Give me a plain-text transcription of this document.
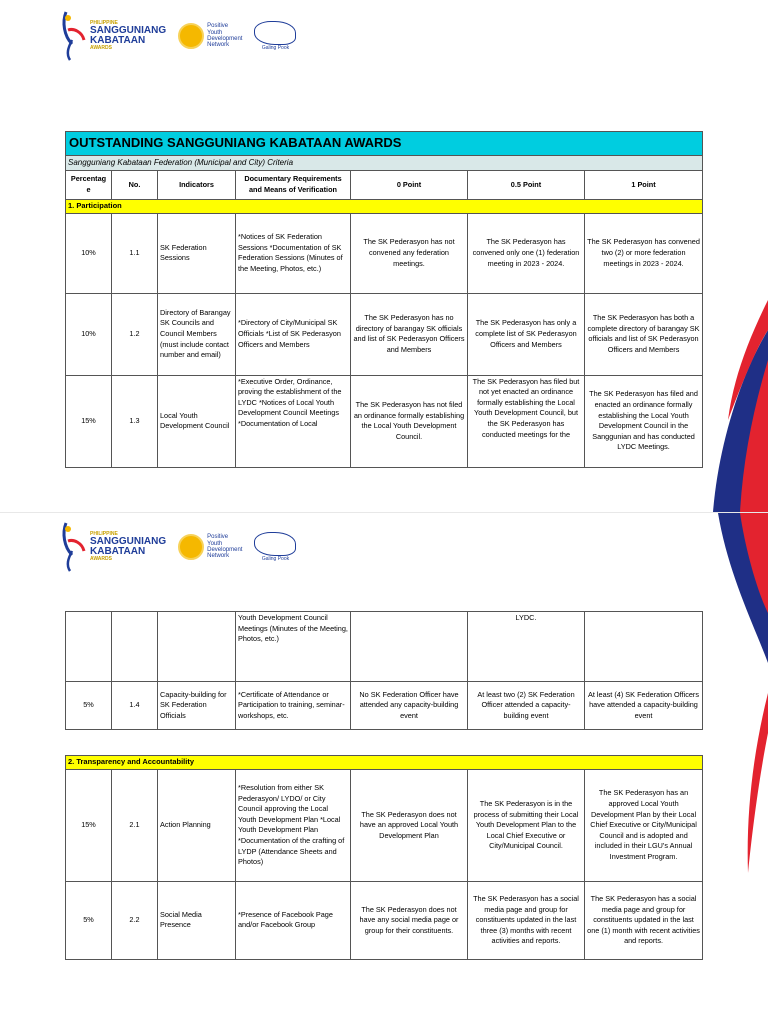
PHILIPPINE
SANGGUNIANG
KABATAAN
AWARDS
Positive
Youth
Development
Network	Galing Pook
OUTSTANDING SANGGUNIANG KABATAAN AWARDS						
Sangguniang Kabataan Federation (Municipal and City) Criteria						
Percentag e	No.	Indicators	Documentary Requirements and Means of Verification	0 Point	0.5 Point	1 Point
1. Participation						
10%	1.1	SK Federation Sessions	*Notices of SK Federation Sessions *Documentation of SK Federation Sessions (Minutes of the Meeting, Photos, etc.)	The SK Pederasyon has not convened any federation meetings.	The SK Pederasyon has convened only one (1) federation meeting in 2023 - 2024.	The SK Pederasyon has convened two (2) or more federation meetings in 2023 - 2024.
10%	1.2	Directory of Barangay SK Councils and Council Members (must include contact number and email)	*Directory of City/Municipal SK Officials *List of SK Pederasyon Officers and Members	The SK Pederasyon has no directory of barangay SK officials and list of SK Pederasyon Officers and Members	The SK Pederasyon has only a complete list of SK Pederasyon Officers and Members	The SK Pederasyon has both a complete directory of barangay SK officials and list of SK Pederasyon Officers and Members
15%	1.3	Local Youth Development Council	*Executive Order, Ordinance, proving the establishment of the LYDC *Notices of Local Youth Development Council Meetings *Documentation of Local	The SK Pederasyon has not filed an ordinance formally establishing the Local Youth Development Council.	The SK Pederasyon has filed but not yet enacted an ordinance formally establishing the Local Youth Development Council, but the SK Pederasyon has conducted meetings for the	The SK Pederasyon has filed and enacted an ordinance formally establishing the Local Youth Development Council in the Sanggunian and has conducted LYDC Meetings.
PHILIPPINE
SANGGUNIANG
KABATAAN
AWARDS
Positive
Youth
Development
Network	Galing Pook
			Youth Development Council Meetings (Minutes of the Meeting, Photos, etc.)		LYDC.	
5%	1.4	Capacity-building for SK Federation Officials	*Certificate of Attendance or Participation to training, seminar- workshops, etc.	No SK Federation Officer have attended any capacity-building event	At least two (2) SK Federation Officer attended a capacity- building event	At least (4) SK Federation Officers have attended a capacity-building event
2. Transparency and Accountability						
15%	2.1	Action Planning	*Resolution from either SK Pederasyon/ LYDO/ or City Council approving the Local Youth Development Plan *Local Youth Development Plan *Documentation of the crafting of LYDP (Attendance Sheets and Photos)	The SK Pederasyon does not have an approved Local Youth Development Plan	The SK Pederasyon is in the process of submitting their Local Youth Development Plan to the Local Chief Executive or City/Municipal Council.	The SK Pederasyon has an approved Local Youth Development Plan by their Local Chief Executive or City/Municipal Council and is adopted and included in their LGU's Annual Investment Program.
5%	2.2	Social Media Presence	*Presence of Facebook Page and/or Facebook Group	The SK Pederasyon does not have any social media page or group for their constituents.	The SK Pederasyon has a social media page and group for constituents updated in the last three (3) months with recent activities and reports.	The SK Pederasyon has a social media page and group for constituents updated in the last one (1) month with recent activities and reports.
